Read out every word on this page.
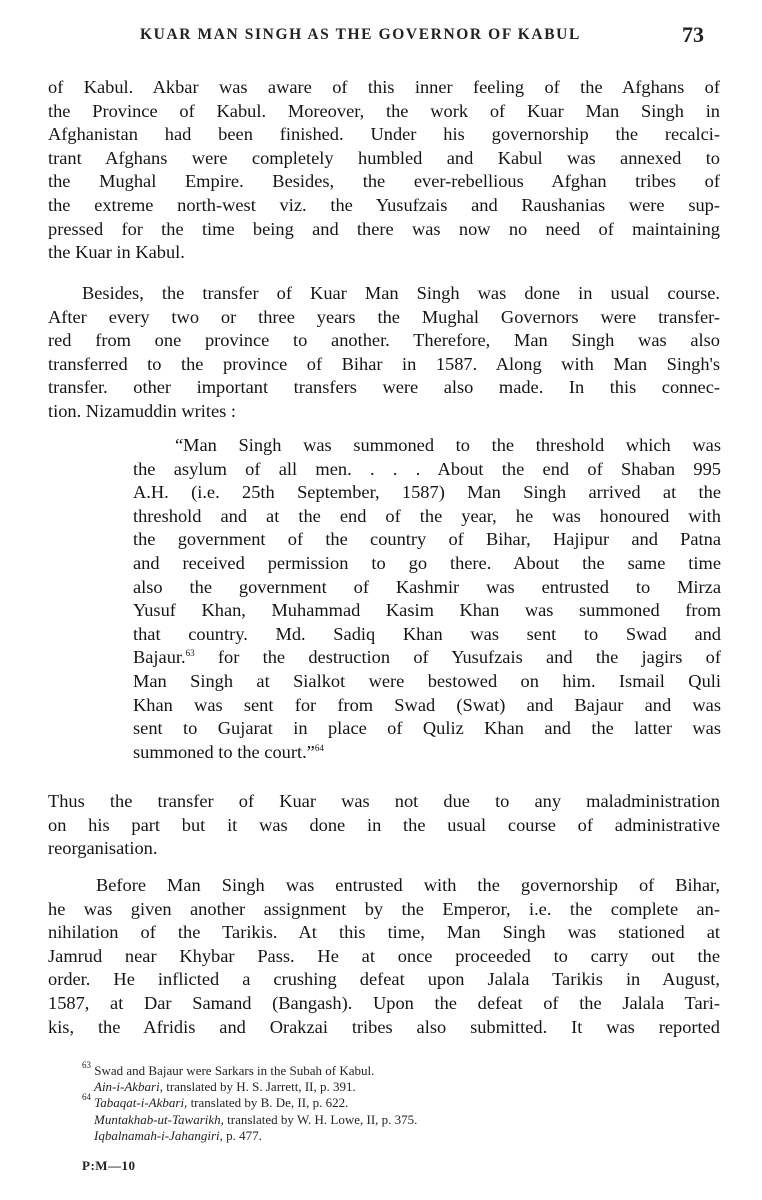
KUAR MAN SINGH AS THE GOVERNOR OF KABUL	73
of Kabul. Akbar was aware of this inner feeling of the Afghans of
the Province of Kabul. Moreover, the work of Kuar Man Singh in
Afghanistan had been finished. Under his governorship the recalci-
trant Afghans were completely humbled and Kabul was annexed to
the Mughal Empire. Besides, the ever-rebellious Afghan tribes of
the extreme north-west viz. the Yusufzais and Raushanias were sup-
pressed for the time being and there was now no need of maintaining
the Kuar in Kabul.
Besides, the transfer of Kuar Man Singh was done in usual course.
After every two or three years the Mughal Governors were transfer-
red from one province to another. Therefore, Man Singh was also
transferred to the province of Bihar in 1587. Along with Man Singh's
transfer. other important transfers were also made. In this connec-
tion. Nizamuddin writes :
“Man Singh was summoned to the threshold which was
the asylum of all men. . . . About the end of Shaban 995
A.H. (i.e. 25th September, 1587) Man Singh arrived at the
threshold and at the end of the year, he was honoured with
the government of the country of Bihar, Hajipur and Patna
and received permission to go there. About the same time
also the government of Kashmir was entrusted to Mirza
Yusuf Khan, Muhammad Kasim Khan was summoned from
that country. Md. Sadiq Khan was sent to Swad and
Bajaur.$^{63}$ for the destruction of Yusufzais and the jagirs of
Man Singh at Sialkot were bestowed on him. Ismail Quli
Khan was sent for from Swad (Swat) and Bajaur and was
sent to Gujarat in place of Quliz Khan and the latter was
summoned to the court.”$^{64}$
Thus the transfer of Kuar was not due to any maladministration
on his part but it was done in the usual course of administrative
reorganisation.
Before Man Singh was entrusted with the governorship of Bihar,
he was given another assignment by the Emperor, i.e. the complete an-
nihilation of the Tarikis. At this time, Man Singh was stationed at
Jamrud near Khybar Pass. He at once proceeded to carry out the
order. He inflicted a crushing defeat upon Jalala Tarikis in August,
1587, at Dar Samand (Bangash). Upon the defeat of the Jalala Tari-
kis, the Afridis and Orakzai tribes also submitted. It was reported
$^{63}$ Swad and Bajaur were Sarkars in the Subah of Kabul.
Ain-i-Akbari, translated by H. S. Jarrett, II, p. 391.
$^{64}$ Tabaqat-i-Akbari, translated by B. De, II, p. 622.
Muntakhab-ut-Tawarikh, translated by W. H. Lowe, II, p. 375.
Iqbalnamah-i-Jahangiri, p. 477.
P:M—10
